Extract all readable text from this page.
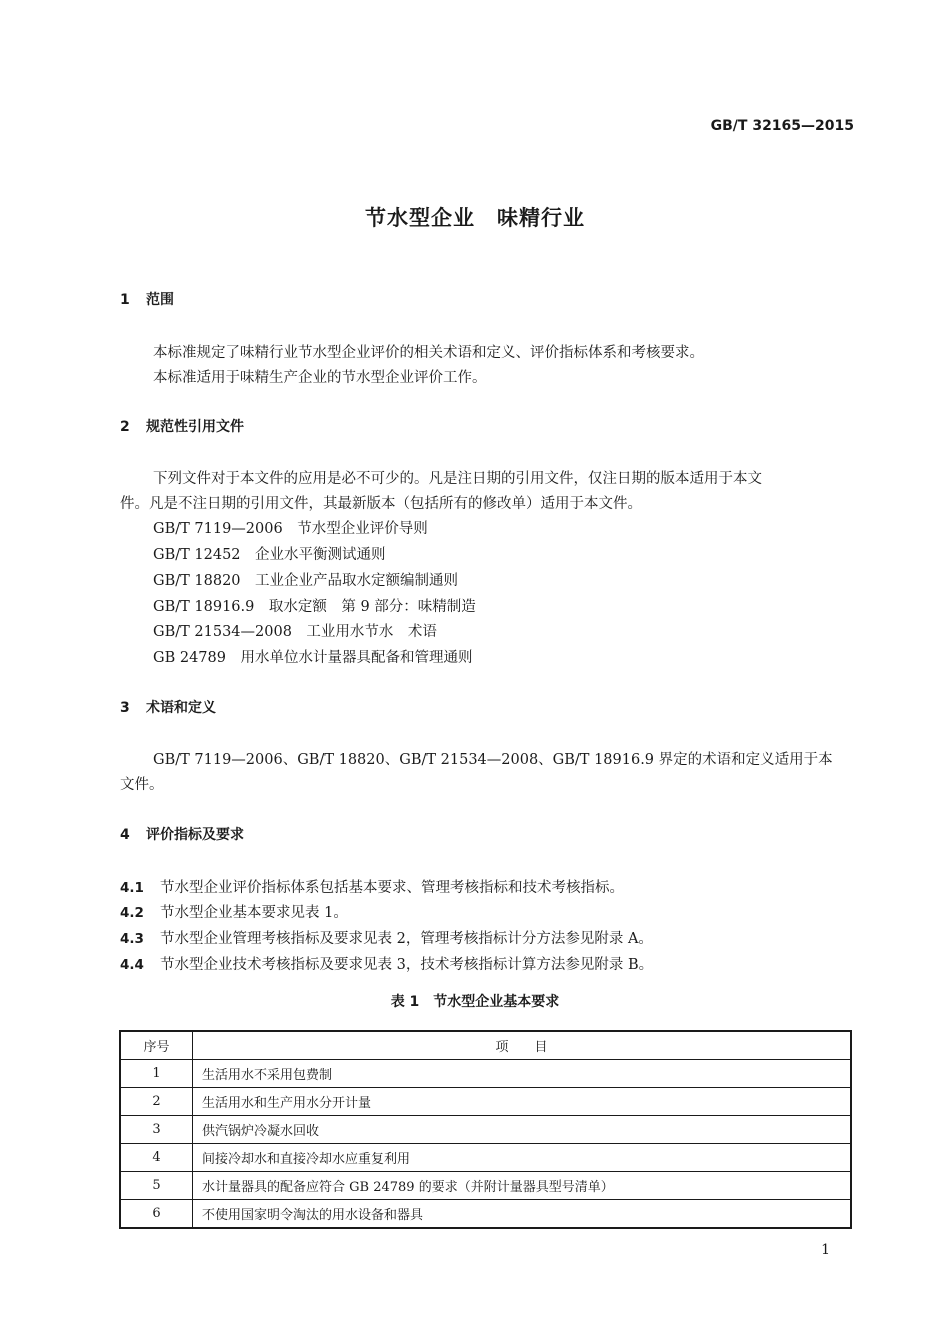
GB/T 32165—2015
节水型企业　味精行业
1 范围
本标准规定了味精行业节水型企业评价的相关术语和定义、评价指标体系和考核要求。
本标准适用于味精生产企业的节水型企业评价工作。
2 规范性引用文件
下列文件对于本文件的应用是必不可少的。凡是注日期的引用文件，仅注日期的版本适用于本文
件。凡是不注日期的引用文件，其最新版本（包括所有的修改单）适用于本文件。
GB/T 7119—2006　节水型企业评价导则
GB/T 12452　企业水平衡测试通则
GB/T 18820　工业企业产品取水定额编制通则
GB/T 18916.9　取水定额　第 9 部分：味精制造
GB/T 21534—2008　工业用水节水　术语
GB 24789　用水单位水计量器具配备和管理通则
3 术语和定义
GB/T 7119—2006、GB/T 18820、GB/T 21534—2008、GB/T 18916.9 界定的术语和定义适用于本
文件。
4 评价指标及要求
4.1 节水型企业评价指标体系包括基本要求、管理考核指标和技术考核指标。
4.2 节水型企业基本要求见表 1。
4.3 节水型企业管理考核指标及要求见表 2，管理考核指标计分方法参见附录 A。
4.4 节水型企业技术考核指标及要求见表 3，技术考核指标计算方法参见附录 B。
表 1　节水型企业基本要求
序号	项　　目
1	生活用水不采用包费制
2	生活用水和生产用水分开计量
3	供汽锅炉冷凝水回收
4	间接冷却水和直接冷却水应重复利用
5	水计量器具的配备应符合 GB 24789 的要求（并附计量器具型号清单）
6	不使用国家明令淘汰的用水设备和器具
1
